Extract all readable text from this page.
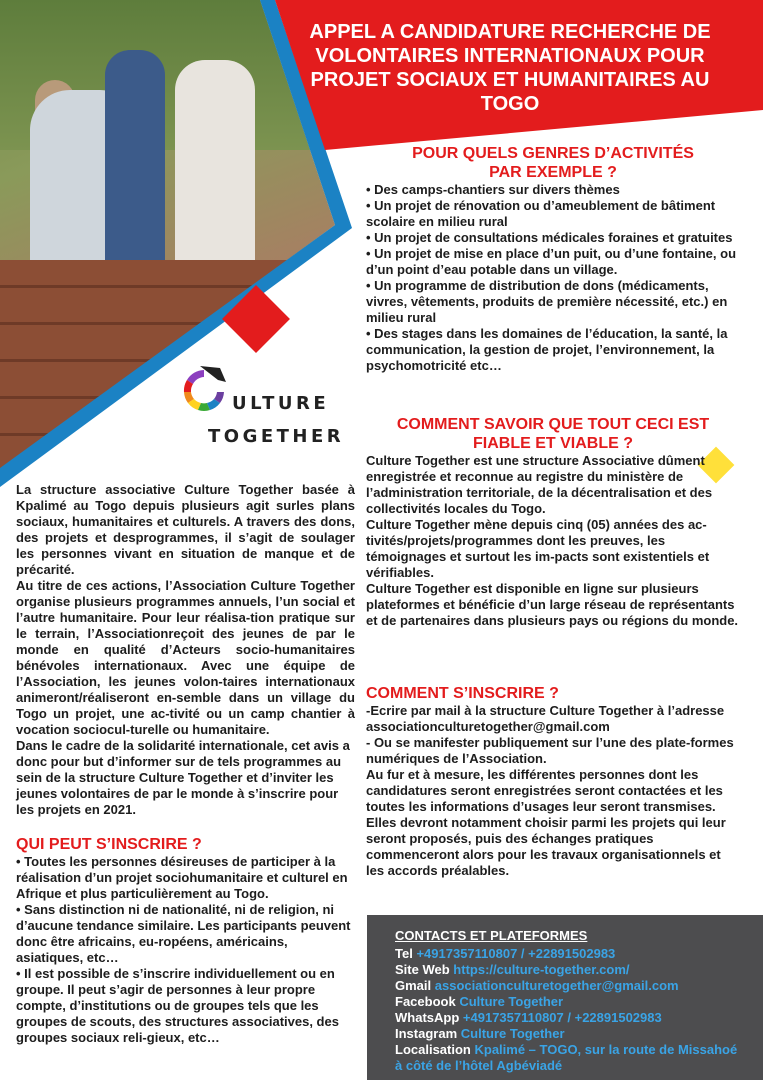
APPEL A CANDIDATURE RECHERCHE DE
VOLONTAIRES INTERNATIONAUX POUR
PROJET SOCIAUX ET HUMANITAIRES AU
TOGO
ULTURE
TOGETHER

La structure associative Culture Together basée à Kpalimé au Togo depuis plusieurs agit surles plans sociaux, humanitaires et culturels. A travers des dons, des projets et desprogrammes, il s’agit de soulager les personnes vivant en situation de manque et de précarité.

Au titre de ces actions, l’Association Culture Together organise plusieurs programmes annuels, l’un social et l’autre humanitaire. Pour leur réalisa-tion pratique sur le terrain, l’Associationreçoit des jeunes de par le monde en qualité d’Acteurs socio-humanitaires bénévoles internationaux. Avec une équipe de l’Association, les jeunes volon-taires internationaux animeront/réaliseront en-semble dans un village du Togo un projet, une ac-tivité ou un camp chantier à vocation sociocul-turelle ou humanitaire.

Dans le cadre de la solidarité internationale, cet avis a donc pour but d’informer sur de tels programmes au sein de la structure Culture Together et d’inviter les jeunes volontaires de par le monde à s’inscrire pour les projets en 2021.

QUI PEUT S’INSCRIRE ?

• Toutes les personnes désireuses de participer à la réalisation d’un projet sociohumanitaire et culturel en Afrique et plus particulièrement au Togo.

• Sans distinction ni de nationalité, ni de religion, ni d’aucune tendance similaire. Les participants peuvent donc être africains, eu-ropéens, américains, asiatiques, etc…

• Il est possible de s’inscrire individuellement ou en groupe. Il peut s’agir de personnes à leur propre compte, d’institutions ou de groupes tels que les groupes de scouts, des structures associatives, des groupes sociaux reli-gieux, etc…

POUR QUELS GENRES D’ACTIVITÉS
PAR EXEMPLE ?

• Des camps-chantiers sur divers thèmes

• Un projet de rénovation ou d’ameublement de bâtiment scolaire en milieu rural

• Un projet de consultations médicales foraines et gratuites

• Un projet de mise en place d’un puit, ou d’une fontaine, ou d’un point d’eau potable dans un village.

• Un programme de distribution de dons (médicaments, vivres, vêtements, produits de première nécessité, etc.) en milieu rural

• Des stages dans les domaines de l’éducation, la santé, la communication, la gestion de projet, l’environnement, la psychomotricité etc…

COMMENT SAVOIR QUE TOUT CECI EST
FIABLE ET VIABLE ?

Culture Together est une structure Associative dûment enregistrée et reconnue au registre du ministère de l’administration territoriale, de la décentralisation et des collectivités locales du Togo.

Culture Together mène depuis cinq (05) années des ac-tivités/projets/programmes dont les preuves, les témoignages et surtout les im-pacts sont existentiels et vérifiables.

Culture Together est disponible en ligne sur plusieurs plateformes et bénéficie d’un large réseau de représentants et de partenaires dans plusieurs pays ou régions du monde.

COMMENT S’INSCRIRE ?

-Ecrire par mail à la structure Culture Together à l’adresse

associationculturetogether@gmail.com

- Ou se manifester publiquement sur l’une des plate-formes numériques de l’Association.

Au fur et à mesure, les différentes personnes dont les candidatures seront enregistrées seront contactées et les toutes les informations d’usages leur seront transmises. Elles devront notamment choisir parmi les projets qui leur seront proposés, puis des échanges pratiques commenceront alors pour les travaux organisationnels et les accords préalables.

CONTACTS ET PLATEFORMES

Tel +4917357110807 / +22891502983

Site Web https://culture-together.com/

Gmail associationculturetogether@gmail.com

Facebook Culture Together

WhatsApp +4917357110807 / +22891502983

Instagram Culture Together

Localisation Kpalimé – TOGO, sur la route de Missahoé à côté de l’hôtel Agbéviadé
